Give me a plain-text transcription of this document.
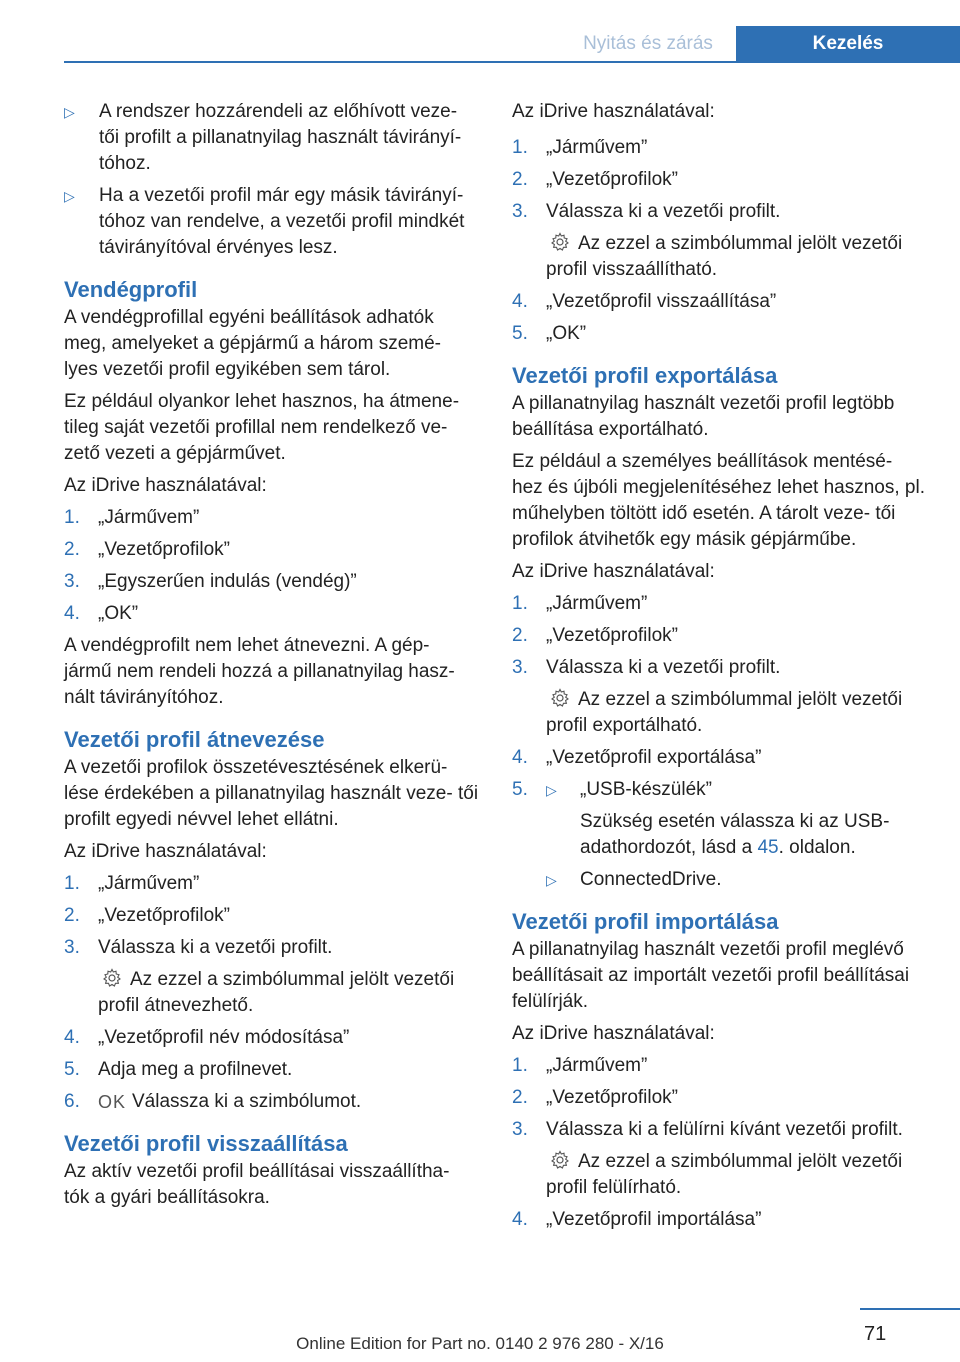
Nyitás és zárás	Kezelés
▷	A rendszer hozzárendeli az előhívott veze- tői profilt a pillanatnyilag használt távirányí- tóhoz.
▷	Ha a vezetői profil már egy másik távirányí- tóhoz van rendelve, a vezetői profil mindkét távirányítóval érvényes lesz.
Vendégprofil

A vendégprofillal egyéni beállítások adhatók meg, amelyeket a gépjármű a három szemé- lyes vezetői profil egyikében sem tárol.

Ez például olyankor lehet hasznos, ha átmene- tileg saját vezetői profillal nem rendelkező ve- zető vezeti a gépjárművet.

Az iDrive használatával:

1. „Járművem”
2. „Vezetőprofilok”
3. „Egyszerűen indulás (vendég)”
4. „OK”

A vendégprofilt nem lehet átnevezni. A gép- jármű nem rendeli hozzá a pillanatnyilag hasz- nált távirányítóhoz.

Vezetői profil átnevezése

A vezetői profilok összetévesztésének elkerü- lése érdekében a pillanatnyilag használt veze- tői profilt egyedi névvel lehet ellátni.

Az iDrive használatával:

1. „Járművem”
2. „Vezetőprofilok”
3. Válassza ki a vezetői profilt.
Az ezzel a szimbólummal jelölt vezetői profil átnevezhető.
4. „Vezetőprofil név módosítása”
5. Adja meg a profilnevet.
6.	OK Válassza ki a szimbólumot.
Vezetői profil visszaállítása

Az aktív vezetői profil beállításai visszaállítha- tók a gyári beállításokra.

Az iDrive használatával:

1. „Járművem”
2. „Vezetőprofilok”
3. Válassza ki a vezetői profilt.
Az ezzel a szimbólummal jelölt vezetői profil visszaállítható.
4. „Vezetőprofil visszaállítása”
5. „OK”
Vezetői profil exportálása

A pillanatnyilag használt vezetői profil legtöbb beállítása exportálható.

Ez például a személyes beállítások mentésé- hez és újbóli megjelenítéséhez lehet hasznos, pl. műhelyben töltött idő esetén. A tárolt veze- tői profilok átvihetők egy másik gépjárműbe.

Az iDrive használatával:

1. „Járművem”
2. „Vezetőprofilok”
3. Válassza ki a vezetői profilt.
Az ezzel a szimbólummal jelölt vezetői profil exportálható.
4. „Vezetőprofil exportálása”
5.	▷	„USB-készülék”
Szükség esetén válassza ki az USB- adathordozót, lásd a 45. oldalon.
▷	ConnectedDrive.
Vezetői profil importálása

A pillanatnyilag használt vezetői profil meglévő beállításait az importált vezetői profil beállításai felülírják.

Az iDrive használatával:

1. „Járművem”
2. „Vezetőprofilok”
3. Válassza ki a felülírni kívánt vezetői profilt.
Az ezzel a szimbólummal jelölt vezetői profil felülírható.
4. „Vezetőprofil importálása”
71
Online Edition for Part no. 0140 2 976 280 - X/16
